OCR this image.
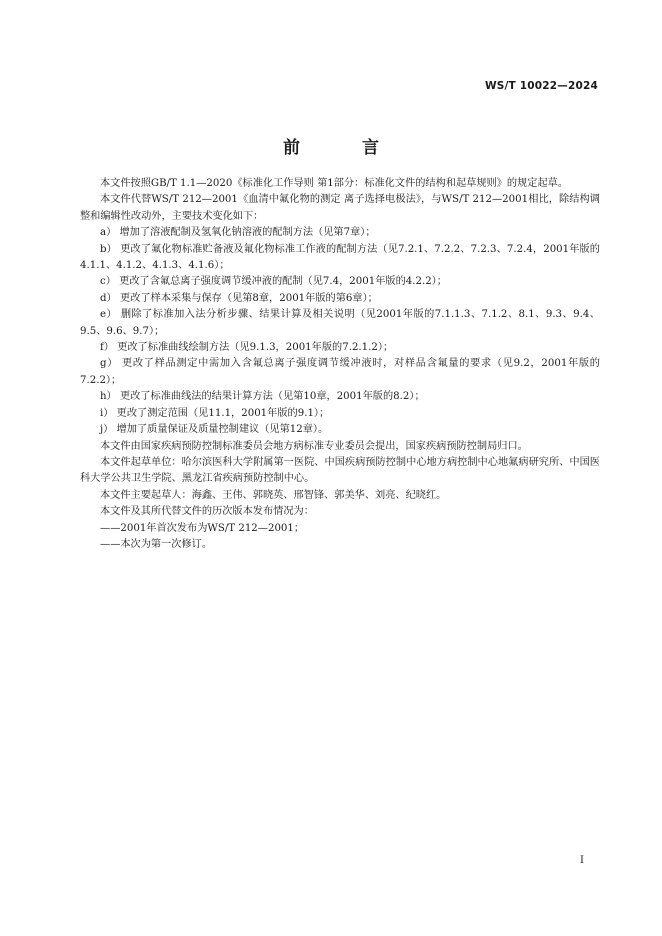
WS/T 10022—2024
前 言

本文件按照GB/T 1.1—2020《标准化工作导则 第1部分：标准化文件的结构和起草规则》的规定起草。

本文件代替WS/T 212—2001《血清中氟化物的测定 离子选择电极法》，与WS/T 212—2001相比，除结构调整和编辑性改动外，主要技术变化如下：

a） 增加了溶液配制及氢氧化钠溶液的配制方法（见第7章）；

b） 更改了氟化物标准贮备液及氟化物标准工作液的配制方法（见7.2.1、7.2.2、7.2.3、7.2.4，2001年版的4.1.1、4.1.2、4.1.3、4.1.6）；

c） 更改了含氟总离子强度调节缓冲液的配制（见7.4，2001年版的4.2.2）；

d） 更改了样本采集与保存（见第8章，2001年版的第6章）；

e） 删除了标准加入法分析步骤、结果计算及相关说明（见2001年版的7.1.1.3、7.1.2、8.1、9.3、9.4、9.5、9.6、9.7）；

f） 更改了标准曲线绘制方法（见9.1.3，2001年版的7.2.1.2）；

g） 更改了样品测定中需加入含氟总离子强度调节缓冲液时，对样品含氟量的要求（见9.2，2001年版的7.2.2）；

h） 更改了标准曲线法的结果计算方法（见第10章，2001年版的8.2）；

i） 更改了测定范围（见11.1，2001年版的9.1）；

j） 增加了质量保证及质量控制建议（见第12章）。

本文件由国家疾病预防控制标准委员会地方病标准专业委员会提出，国家疾病预防控制局归口。

本文件起草单位：哈尔滨医科大学附属第一医院、中国疾病预防控制中心地方病控制中心地氟病研究所、中国医科大学公共卫生学院、黑龙江省疾病预防控制中心。

本文件主要起草人：海鑫、王伟、郭晓英、邢智锋、郭美华、刘亮、纪晓红。

本文件及其所代替文件的历次版本发布情况为：

——2001年首次发布为WS/T 212—2001；

——本次为第一次修订。

I
